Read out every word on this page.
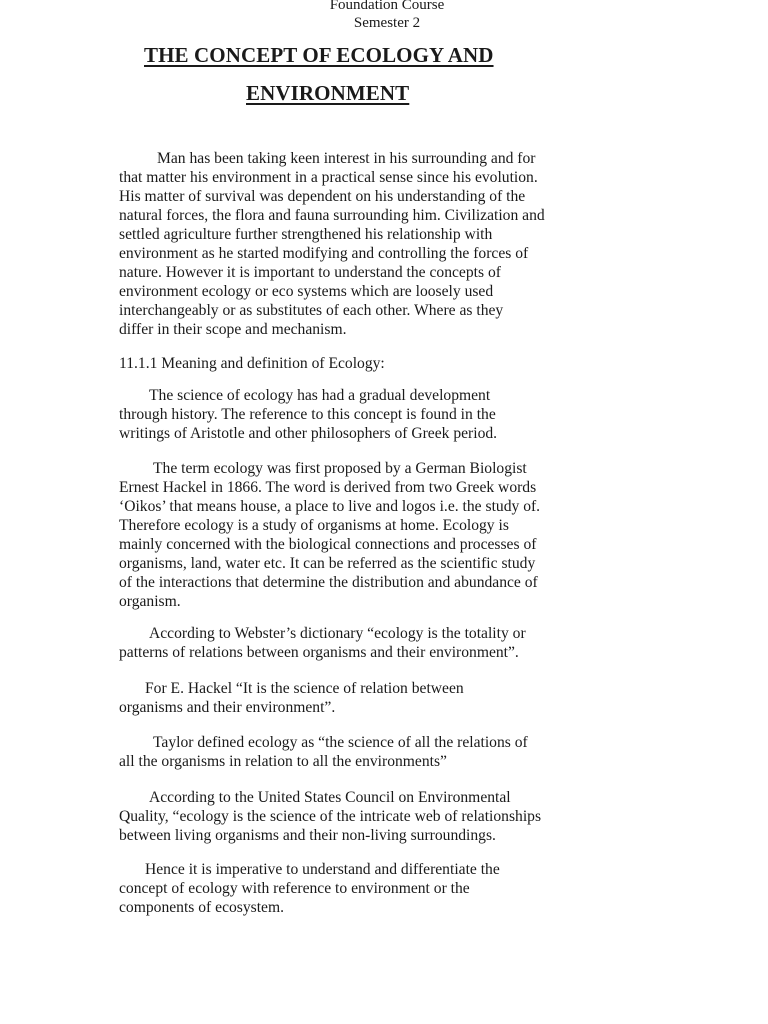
Foundation Course
Semester 2
THE CONCEPT OF ECOLOGY AND
ENVIRONMENT
Man has been taking keen interest in his surrounding and for
that matter his environment in a practical sense since his evolution.
His matter of survival was dependent on his understanding of the
natural forces, the flora and fauna surrounding him. Civilization and
settled agriculture further strengthened his relationship with
environment as he started modifying and controlling the forces of
nature. However it is important to understand the concepts of
environment ecology or eco systems which are loosely used
interchangeably or as substitutes of each other. Where as they
differ in their scope and mechanism.
11.1.1 Meaning and definition of Ecology:
The science of ecology has had a gradual development
through history. The reference to this concept is found in the
writings of Aristotle and other philosophers of Greek period.
The term ecology was first proposed by a German Biologist
Ernest Hackel in 1866. The word is derived from two Greek words
‘Oikos’ that means house, a place to live and logos i.e. the study of.
Therefore ecology is a study of organisms at home. Ecology is
mainly concerned with the biological connections and processes of
organisms, land, water etc. It can be referred as the scientific study
of the interactions that determine the distribution and abundance of
organism.
According to Webster’s dictionary “ecology is the totality or
patterns of relations between organisms and their environment”.
For E. Hackel “It is the science of relation between
organisms and their environment”.
Taylor defined ecology as “the science of all the relations of
all the organisms in relation to all the environments”
According to the United States Council on Environmental
Quality, “ecology is the science of the intricate web of relationships
between living organisms and their non-living surroundings.
Hence it is imperative to understand and differentiate the
concept of ecology with reference to environment or the
components of ecosystem.
